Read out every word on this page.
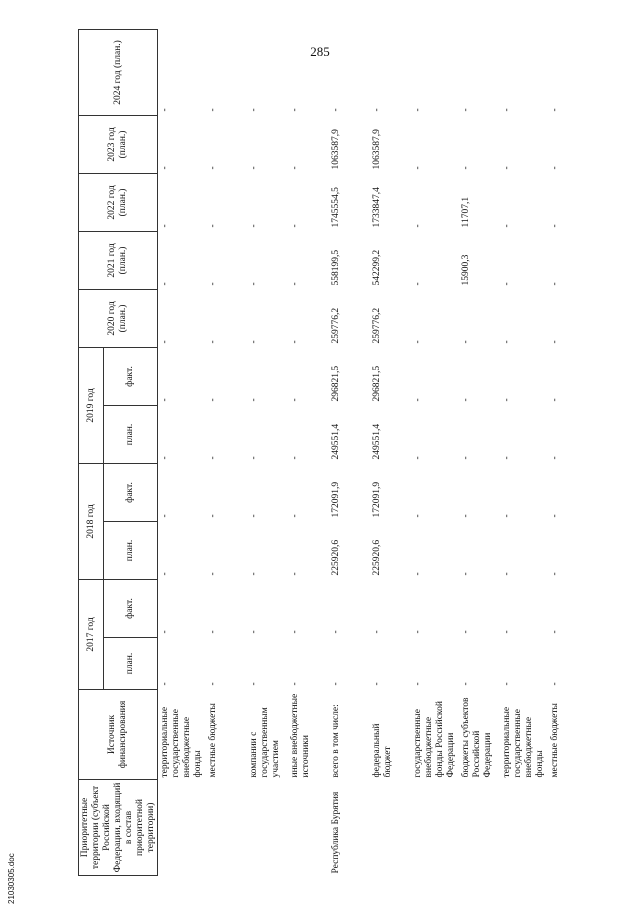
285
Приоритетные территории (субъект Российской Федерации, входящий в состав приоритетной территории)	Источник финансирования	2017 год		2018 год		2019 год		2020 год (план.)	2021 год (план.)	2022 год (план.)	2023 год (план.)	2024 год (план.)
		план.	факт.	план.	факт.	план.	факт.					

	территориальные государственные внебюджетные фонды	-	-	-	-	-	-	-	-	-	-	-
	местные бюджеты	-	-	-	-	-	-	-	-	-	-	-
	компании с государственным участием	-	-	-	-	-	-	-	-	-	-	-
	иные внебюджетные источники	-	-	-	-	-	-	-	-	-	-	-
Республика Бурятия	всего в том числе:	-	-	225920,6	172091,9	249551,4	296821,5	259776,2	558199,5	1745554,5	1063587,9	-
	федеральный бюджет	-	-	225920,6	172091,9	249551,4	296821,5	259776,2	542299,2	1733847,4	1063587,9	-
	государственные внебюджетные фонды Российской Федерации	-	-	-	-	-	-	-	-	-	-	-
	бюджеты субъектов Российской Федерации	-	-	-	-	-	-	-	15900,3	11707,1	-	-
	территориальные государственные внебюджетные фонды	-	-	-	-	-	-	-	-	-	-	-
	местные бюджеты	-	-	-	-	-	-	-	-	-	-	-
21030305.doc
